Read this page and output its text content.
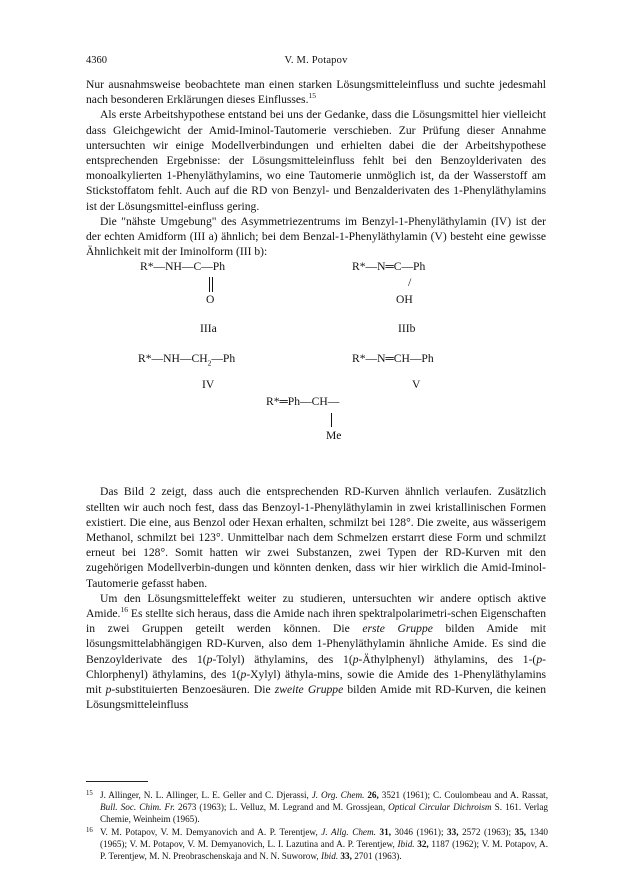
4360	V. M. Potapov

Nur ausnahmsweise beobachtete man einen starken Lösungsmitteleinfluss und suchte jedesmahl nach besonderen Erklärungen dieses Einflusses.$^{15}$

Als erste Arbeitshypothese entstand bei uns der Gedanke, dass die Lösungsmittel hier vielleicht dass Gleichgewicht der Amid-Iminol-Tautomerie verschieben. Zur Prüfung dieser Annahme untersuchten wir einige Modellverbindungen und erhielten dabei die der Arbeitshypothese entsprechenden Ergebnisse: der Lösungsmitteleinfluss fehlt bei den Benzoylderivaten des monoalkylierten 1-Phenyläthylamins, wo eine Tautomerie unmöglich ist, da der Wasserstoff am Stickstoffatom fehlt. Auch auf die RD von Benzyl- und Benzalderivaten des 1-Phenyläthylamins ist der Lösungsmittel-einfluss gering.

Die "nähste Umgebung" des Asymmetriezentrums im Benzyl-1-Phenyläthylamin (IV) ist der der echten Amidform (III a) ähnlich; bei dem Benzal-1-Phenyläthylamin (V) besteht eine gewisse Ähnlichkeit mit der Iminolform (III b):

R*—NH—C—Ph
O
IIIa
R*—N═C—Ph
/
OH
IIIb
$R*—NH—CH_2—Ph$
IV
R*—N═CH—Ph
V
R*═Ph—CH—
Me

Das Bild 2 zeigt, dass auch die entsprechenden RD-Kurven ähnlich verlaufen. Zusätzlich stellten wir auch noch fest, dass das Benzoyl-1-Phenyläthylamin in zwei kristallinischen Formen existiert. Die eine, aus Benzol oder Hexan erhalten, schmilzt bei 128°. Die zweite, aus wässerigem Methanol, schmilzt bei 123°. Unmittelbar nach dem Schmelzen erstarrt diese Form und schmilzt erneut bei 128°. Somit hatten wir zwei Substanzen, zwei Typen der RD-Kurven mit den zugehörigen Modellverbin-dungen und könnten denken, dass wir hier wirklich die Amid-Iminol-Tautomerie gefasst haben.

Um den Lösungsmitteleffekt weiter zu studieren, untersuchten wir andere optisch aktive Amide.$^{16}$ Es stellte sich heraus, dass die Amide nach ihren spektralpolarimetri-schen Eigenschaften in zwei Gruppen geteilt werden können. Die erste Gruppe bilden Amide mit lösungsmittelabhängigen RD-Kurven, also dem 1-Phenyläthylamin ähnliche Amide. Es sind die Benzoylderivate des 1(p-Tolyl) äthylamins, des 1(p-Äthylphenyl) äthylamins, des 1-(p-Chlorphenyl) äthylamins, des 1(p-Xylyl) äthyla-mins, sowie die Amide des 1-Phenyläthylamins mit p-substituierten Benzoesäuren. Die zweite Gruppe bilden Amide mit RD-Kurven, die keinen Lösungsmitteleinfluss

15 J. Allinger, N. L. Allinger, L. E. Geller and C. Djerassi, J. Org. Chem. 26, 3521 (1961); C. Coulombeau and A. Rassat, Bull. Soc. Chim. Fr. 2673 (1963); L. Velluz, M. Legrand and M. Grossjean, Optical Circular Dichroism S. 161. Verlag Chemie, Weinheim (1965).
16 V. M. Potapov, V. M. Demyanovich and A. P. Terentjew, J. Allg. Chem. 31, 3046 (1961); 33, 2572 (1963); 35, 1340 (1965); V. M. Potapov, V. M. Demyanovich, L. I. Lazutina and A. P. Terentjew, Ibid. 32, 1187 (1962); V. M. Potapov, A. P. Terentjew, M. N. Preobraschenskaja and N. N. Suworow, Ibid. 33, 2701 (1963).
